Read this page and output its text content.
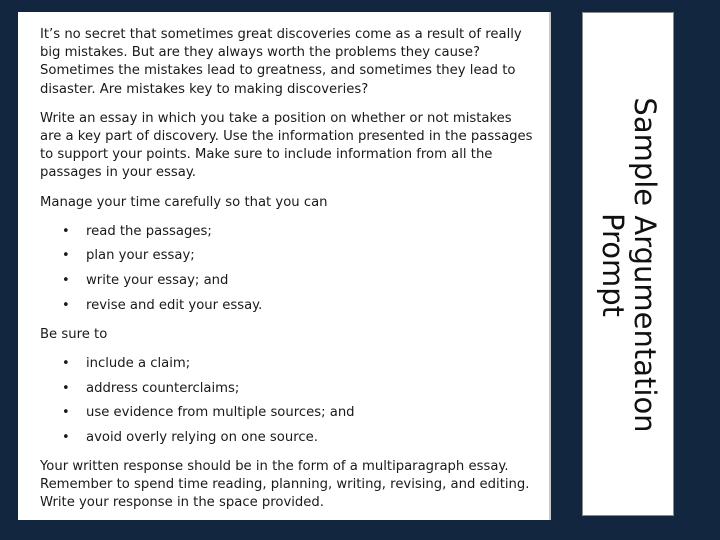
It’s no secret that sometimes great discoveries come as a result of really big mistakes. But are they always worth the problems they cause? Sometimes the mistakes lead to greatness, and sometimes they lead to disaster. Are mistakes key to making discoveries?

Write an essay in which you take a position on whether or not mistakes are a key part of discovery. Use the information presented in the passages to support your points. Make sure to include information from all the passages in your essay.

Manage your time carefully so that you can

• read the passages;
• plan your essay;
• write your essay; and
• revise and edit your essay.

Be sure to

• include a claim;
• address counterclaims;
• use evidence from multiple sources; and
• avoid overly relying on one source.

Your written response should be in the form of a multiparagraph essay. Remember to spend time reading, planning, writing, revising, and editing. Write your response in the space provided.

Sample Argumentation
Prompt
